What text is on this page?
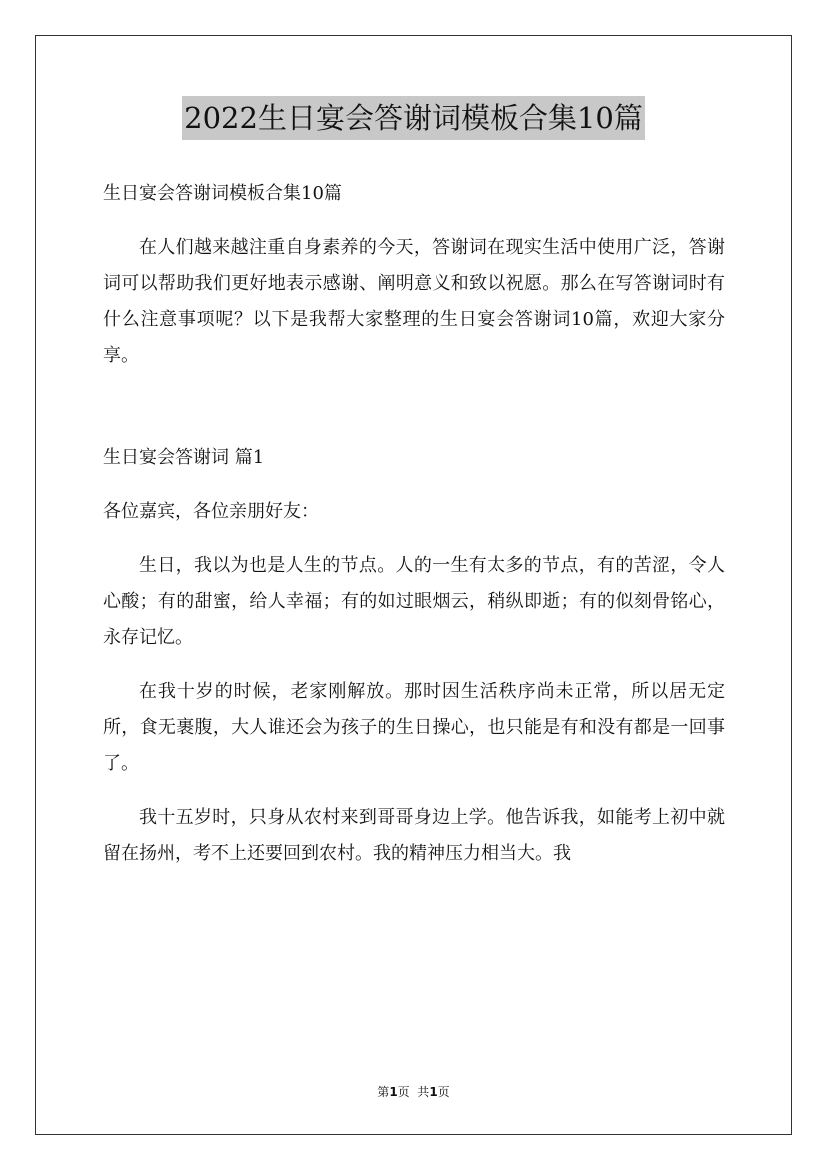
2022生日宴会答谢词模板合集10篇
生日宴会答谢词模板合集10篇

在人们越来越注重自身素养的今天，答谢词在现实生活中使用广泛，答谢词可以帮助我们更好地表示感谢、阐明意义和致以祝愿。那么在写答谢词时有什么注意事项呢？以下是我帮大家整理的生日宴会答谢词10篇，欢迎大家分享。

生日宴会答谢词 篇1
各位嘉宾，各位亲朋好友：

生日，我以为也是人生的节点。人的一生有太多的节点，有的苦涩，令人心酸；有的甜蜜，给人幸福；有的如过眼烟云，稍纵即逝；有的似刻骨铭心，永存记忆。

在我十岁的时候，老家刚解放。那时因生活秩序尚未正常，所以居无定所，食无裹腹，大人谁还会为孩子的生日操心，也只能是有和没有都是一回事了。

我十五岁时，只身从农村来到哥哥身边上学。他告诉我，如能考上初中就留在扬州，考不上还要回到农村。我的精神压力相当大。我

第1页  共1页
